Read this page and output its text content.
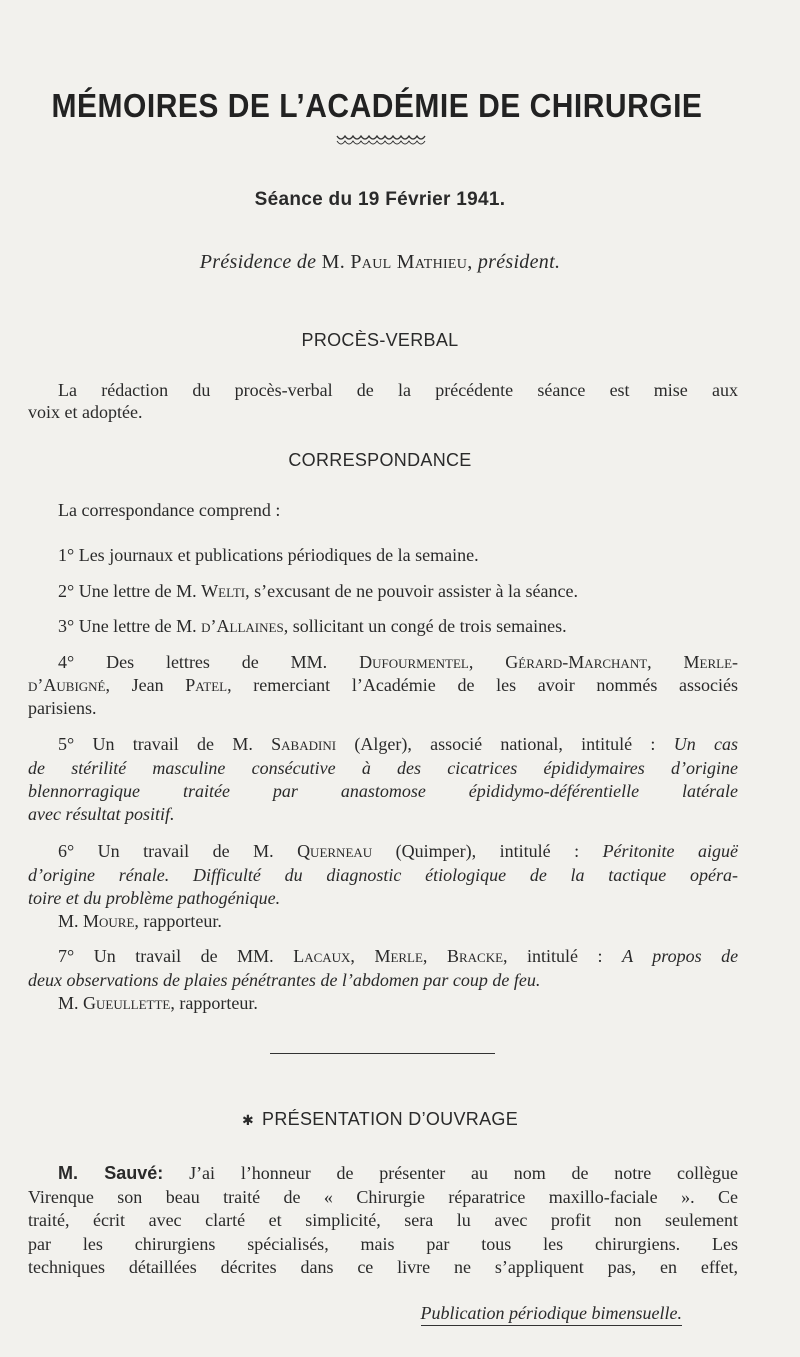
MÉMOIRES DE L’ACADÉMIE DE CHIRURGIE
Séance du 19 Février 1941.
Présidence de M. Paul Mathieu, président.
PROCÈS-VERBAL
La rédaction du procès-verbal de la précédente séance est mise aux
voix et adoptée.
CORRESPONDANCE
La correspondance comprend :
1° Les journaux et publications périodiques de la semaine.
2° Une lettre de M. Welti, s’excusant de ne pouvoir assister à la séance.
3° Une lettre de M. d’Allaines, sollicitant un congé de trois semaines.
4° Des lettres de MM. Dufourmentel, Gérard-Marchant, Merle-
d’Aubigné, Jean Patel, remerciant l’Académie de les avoir nommés associés
parisiens.
5° Un travail de M. Sabadini (Alger), associé national, intitulé : Un cas
de stérilité masculine consécutive à des cicatrices épididymaires d’origine
blennorragique traitée par anastomose épididymo-déférentielle latérale
avec résultat positif.
6° Un travail de M. Querneau (Quimper), intitulé : Péritonite aiguë
d’origine rénale. Difficulté du diagnostic étiologique de la tactique opéra-
toire et du problème pathogénique.
M. Moure, rapporteur.
7° Un travail de MM. Lacaux, Merle, Bracke, intitulé : A propos de
deux observations de plaies pénétrantes de l’abdomen par coup de feu.
M. Gueullette, rapporteur.
✱ PRÉSENTATION D’OUVRAGE
M. Sauvé: J’ai l’honneur de présenter au nom de notre collègue
Virenque son beau traité de « Chirurgie réparatrice maxillo-faciale ». Ce
traité, écrit avec clarté et simplicité, sera lu avec profit non seulement
par les chirurgiens spécialisés, mais par tous les chirurgiens. Les
techniques détaillées décrites dans ce livre ne s’appliquent pas, en effet,
Publication périodique bimensuelle.
